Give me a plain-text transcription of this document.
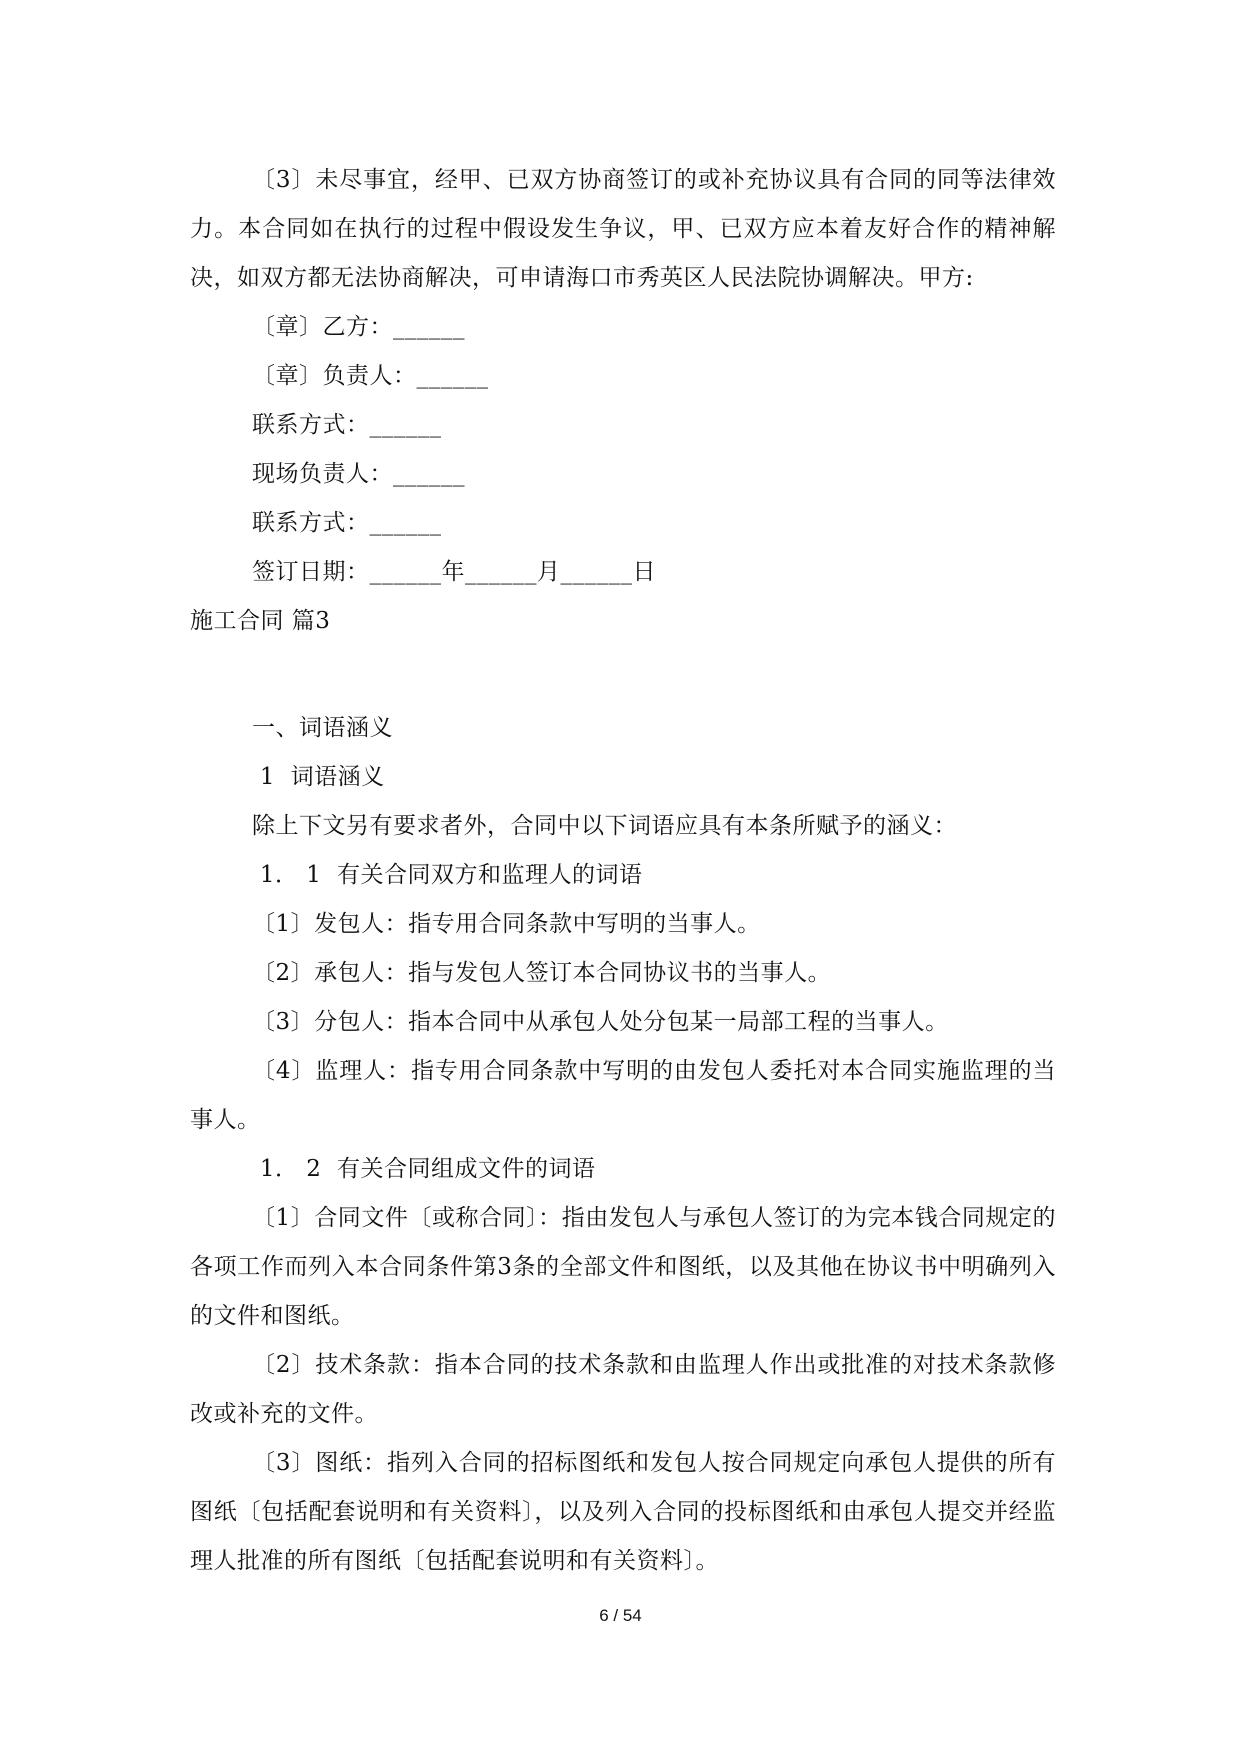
〔3〕未尽事宜，经甲、已双方协商签订的或补充协议具有合同的同等法律效力。本合同如在执行的过程中假设发生争议，甲、已双方应本着友好合作的精神解决，如双方都无法协商解决，可申请海口市秀英区人民法院协调解决。甲方:

〔章〕乙方：______

〔章〕负责人：______

联系方式：______

现场负责人：______

联系方式：______

签订日期：______年______月______日

施工合同 篇3

一、词语涵义

1  词语涵义

除上下文另有要求者外，合同中以下词语应具有本条所赋予的涵义：

1． 1  有关合同双方和监理人的词语

〔1〕发包人：指专用合同条款中写明的当事人。

〔2〕承包人：指与发包人签订本合同协议书的当事人。

〔3〕分包人：指本合同中从承包人处分包某一局部工程的当事人。

〔4〕监理人：指专用合同条款中写明的由发包人委托对本合同实施监理的当事人。

1． 2  有关合同组成文件的词语

〔1〕合同文件〔或称合同〕：指由发包人与承包人签订的为完本钱合同规定的各项工作而列入本合同条件第3条的全部文件和图纸，以及其他在协议书中明确列入的文件和图纸。

〔2〕技术条款：指本合同的技术条款和由监理人作出或批准的对技术条款修改或补充的文件。

〔3〕图纸：指列入合同的招标图纸和发包人按合同规定向承包人提供的所有图纸〔包括配套说明和有关资料〕，以及列入合同的投标图纸和由承包人提交并经监理人批准的所有图纸〔包括配套说明和有关资料〕。

6 / 54
